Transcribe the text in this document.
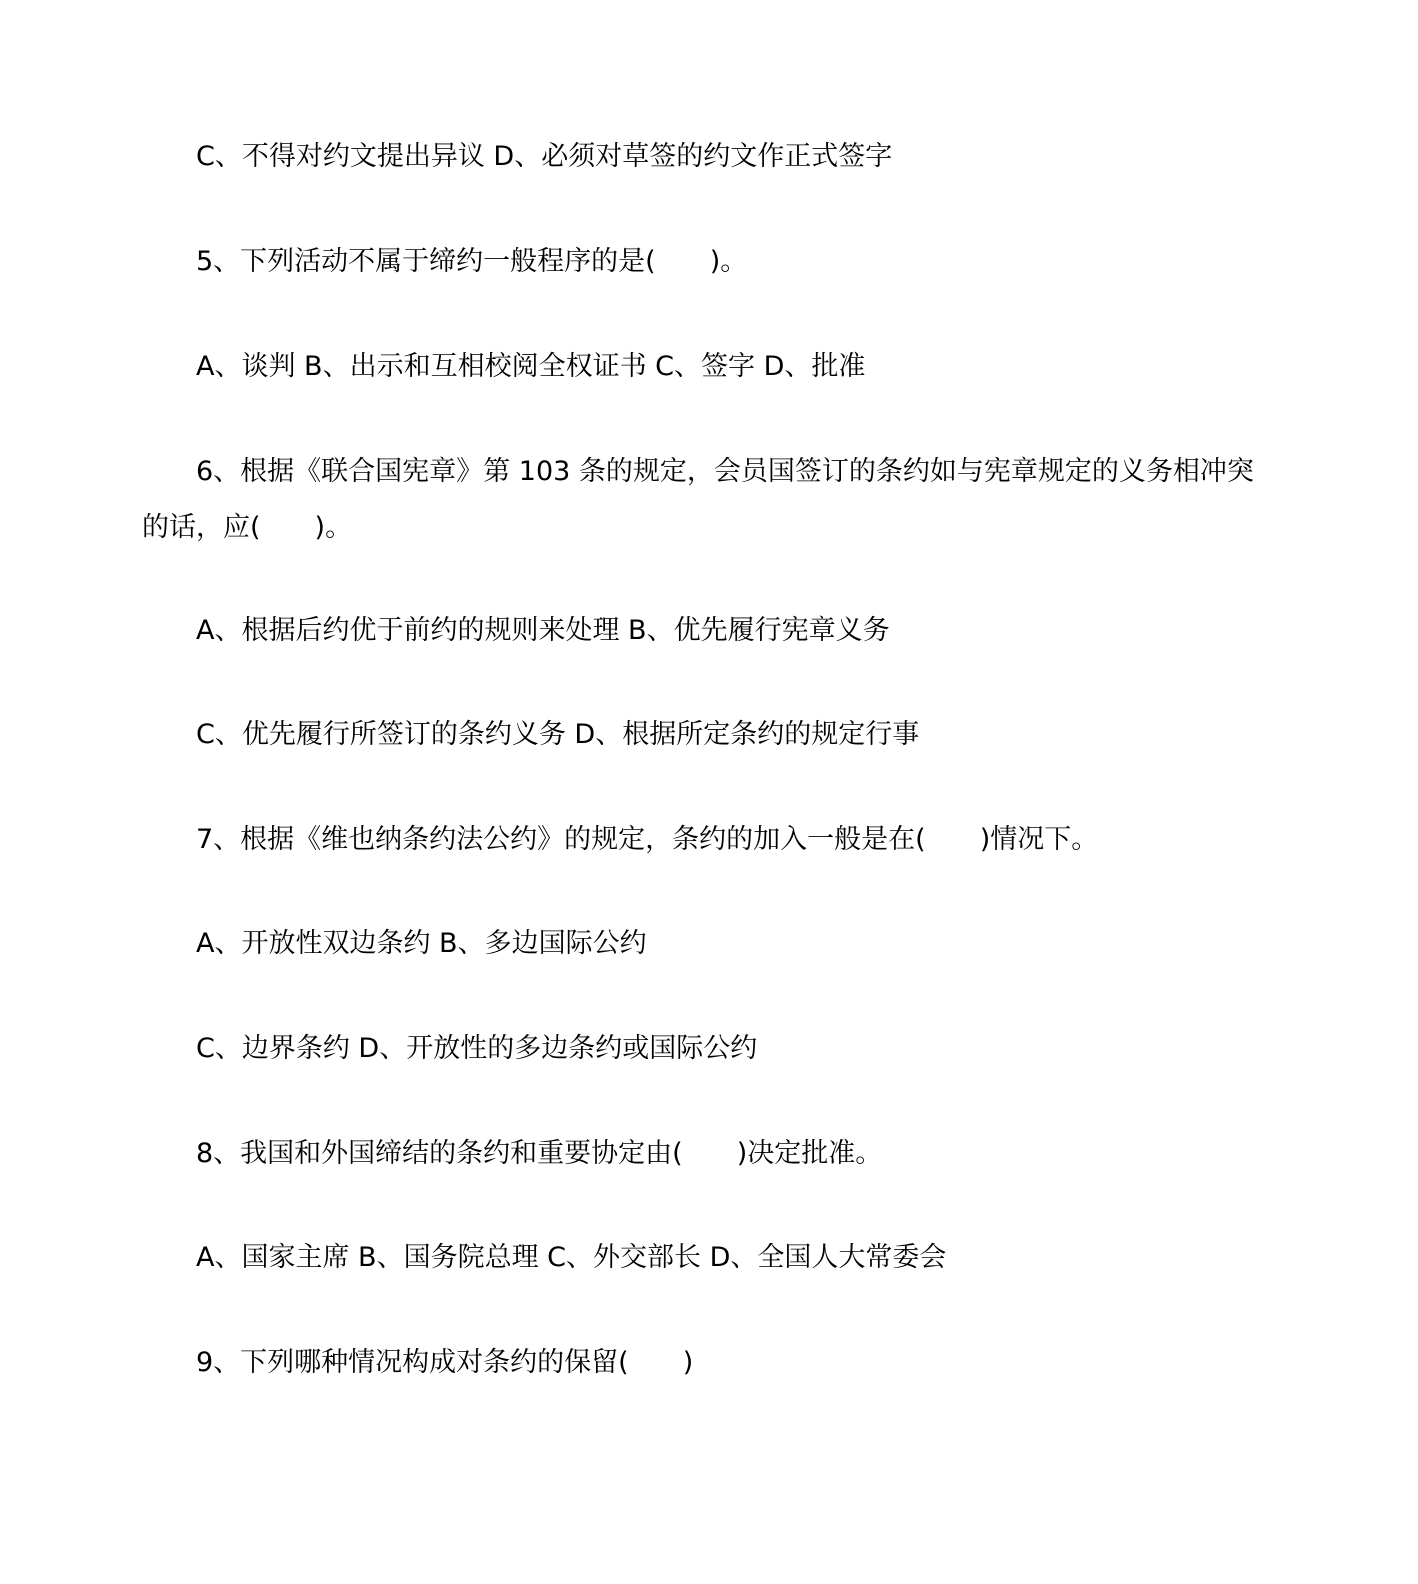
C、不得对约文提出异议 D、必须对草签的约文作正式签字
5、下列活动不属于缔约一般程序的是(　　)。
A、谈判 B、出示和互相校阅全权证书 C、签字 D、批准
6、根据《联合国宪章》第 103 条的规定，会员国签订的条约如与宪章规定的义务相冲突的话，应(　　)。
A、根据后约优于前约的规则来处理 B、优先履行宪章义务
C、优先履行所签订的条约义务 D、根据所定条约的规定行事
7、根据《维也纳条约法公约》的规定，条约的加入一般是在(　　)情况下。
A、开放性双边条约 B、多边国际公约
C、边界条约 D、开放性的多边条约或国际公约
8、我国和外国缔结的条约和重要协定由(　　)决定批准。
A、国家主席 B、国务院总理 C、外交部长 D、全国人大常委会
9、下列哪种情况构成对条约的保留(　　)
